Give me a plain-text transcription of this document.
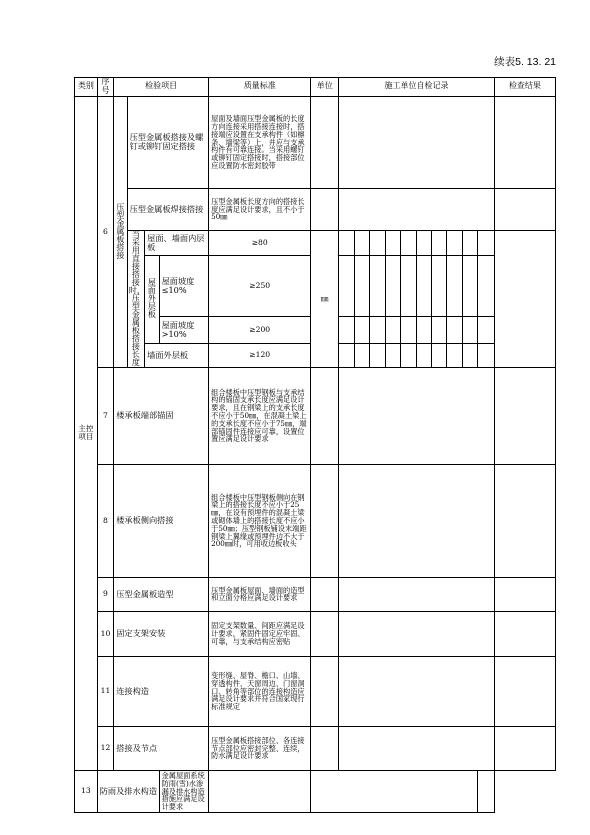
续表5. 13. 21
类别	序号	检验项目				质量标准	单位	施工单位自检记录										检查结果
主控项目	6	压型金属板搭接	压型金属板搭接及螺钉或铆钉固定搭接			屋面及墙面压型金属板的长度方向连接采用搭接连接时，搭接端应设置在支承构件（如檩条、墙梁等）上，并应与支承构件有可靠连接。当采用螺钉或铆钉固定搭接时，搭接部位应设置防水密封胶带												
			压型金属板焊接搭接			压型金属板长度方向的搭接长度应满足设计要求，且不小于50㎜												
			当采用直接搭接时，压型金属板搭接长度	屋面、墙面内层板		≥80	㎜											
				屋面外层板	屋面坡度≤10%	≥250												
					屋面坡度>10%	≥200												
				墙面外层板		≥120												
	7	楼承板端部锚固				组合楼板中压型钢板与支承结构的锚固支承长度应满足设计要求，且在钢梁上的支承长度不应小于50㎜，在混凝土梁上的支承长度不应小于75㎜，端部锚固件连接应可靠，设置位置应满足设计要求												
	8	楼承板侧向搭接				组合楼板中压型钢板侧向在钢梁上的搭接长度不应小于25㎜，在设有预埋件的混凝土梁或砌体墙上的搭接长度不应小于50㎜；压型钢板铺设末端距钢梁上翼缘或预埋件边不大于200㎜时，可用收边板收头												
	9	压型金属板造型				压型金属板屋面、墙面的造型和立面分格应满足设计要求												
	10	固定支架安装				固定支架数量、间距应满足设计要求，紧固件固定应牢固、可靠，与支承结构应密贴												
	11	连接构造				变形缝、屋脊、檐口、山墙、穿透构件、天窗周边、门窗洞口、转角等部位的连接构造应满足设计要求并符合国家现行标准规定												
	12	搭接及节点				压型金属板搭接部位、各连接节点部位应密封完整、连续，防水满足设计要求												
13	防雨及排水构造				金属屋面系统防雨(雪)水渗漏及排水构造措施应满足设计要求													
